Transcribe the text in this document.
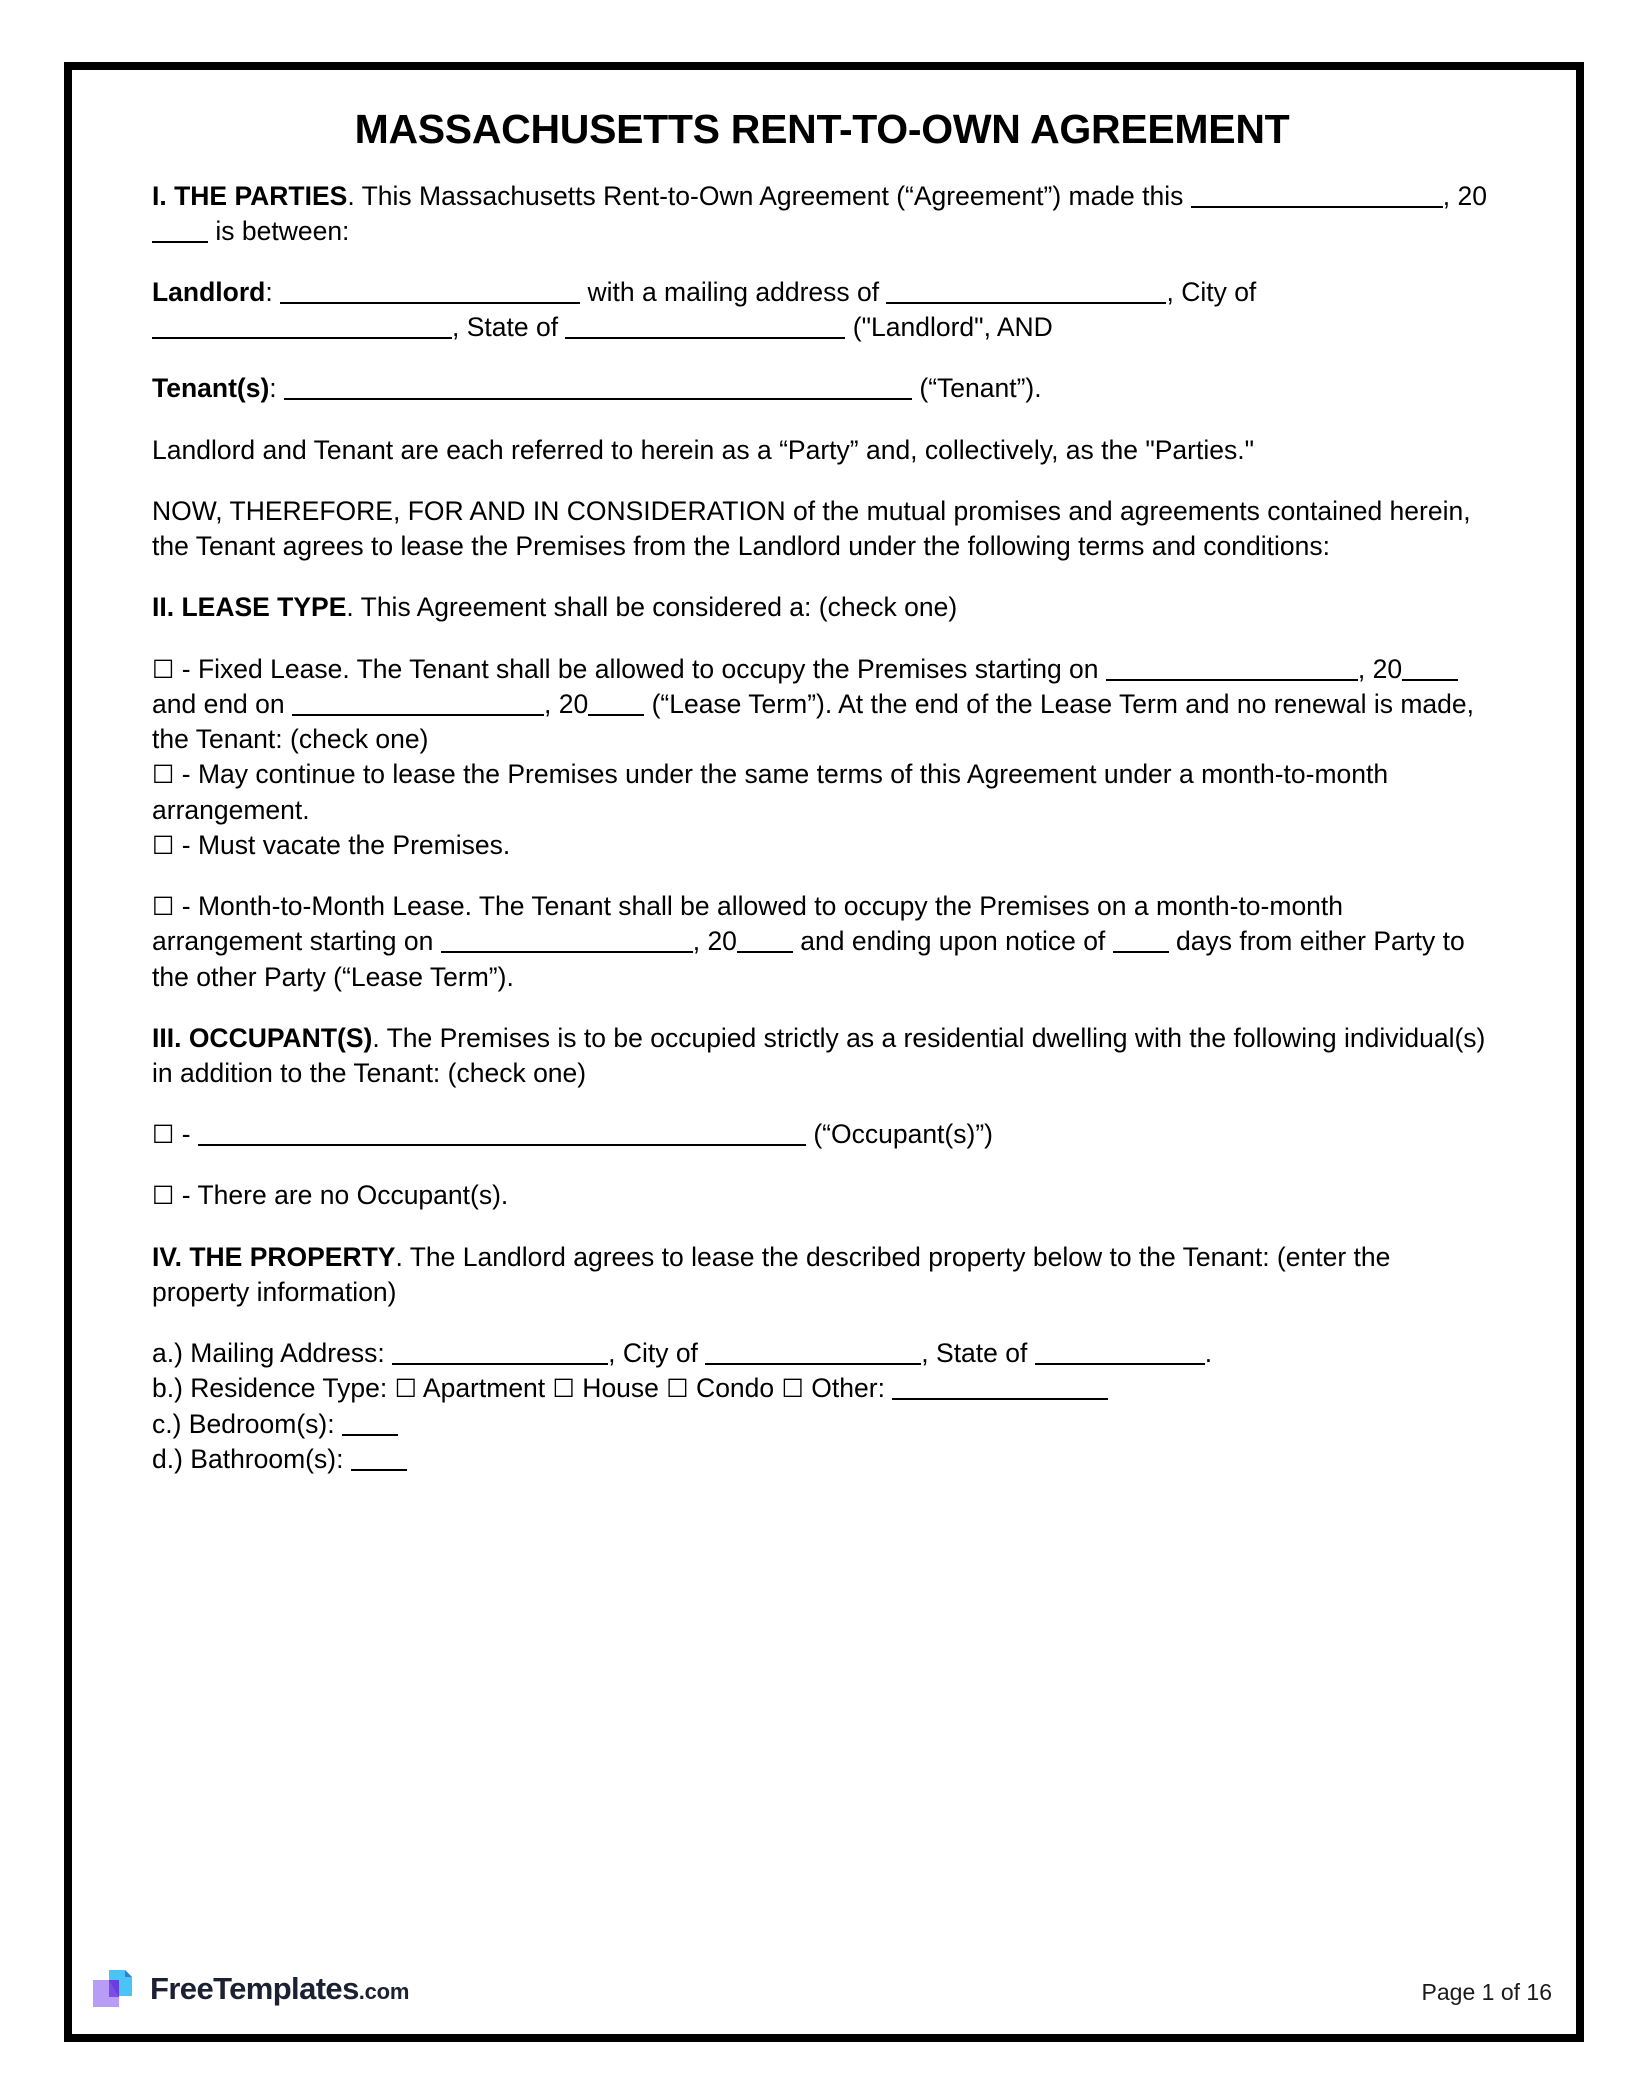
MASSACHUSETTS RENT-TO-OWN AGREEMENT

I. THE PARTIES. This Massachusetts Rent-to-Own Agreement (“Agreement”) made this	, 20 is between:

Landlord:	with a mailing address of	, City of , State of	("Landlord", AND

Tenant(s):	(“Tenant”).

Landlord and Tenant are each referred to herein as a “Party” and, collectively, as the "Parties."

NOW, THEREFORE, FOR AND IN CONSIDERATION of the mutual promises and agreements contained herein, the Tenant agrees to lease the Premises from the Landlord under the following terms and conditions:

II. LEASE TYPE. This Agreement shall be considered a: (check one)

☐ - Fixed Lease. The Tenant shall be allowed to occupy the Premises starting on	, 20 and end on	, 20 (“Lease Term”). At the end of the Lease Term and no renewal is made, the Tenant: (check one)

☐ - May continue to lease the Premises under the same terms of this Agreement under a month-to-month arrangement.

☐ - Must vacate the Premises.

☐ - Month-to-Month Lease. The Tenant shall be allowed to occupy the Premises on a month-to-month arrangement starting on	, 20 and ending upon notice of  days from either Party to the other Party (“Lease Term”).

III. OCCUPANT(S). The Premises is to be occupied strictly as a residential dwelling with the following individual(s) in addition to the Tenant: (check one)

☐ -	(“Occupant(s)”)

☐ - There are no Occupant(s).

IV. THE PROPERTY. The Landlord agrees to lease the described property below to the Tenant: (enter the property information)

a.) Mailing Address:	, City of	, State of	.

b.) Residence Type: ☐ Apartment ☐ House ☐ Condo ☐ Other:

c.) Bedroom(s):

d.) Bathroom(s):

FreeTemplates.com	Page 1 of 16
